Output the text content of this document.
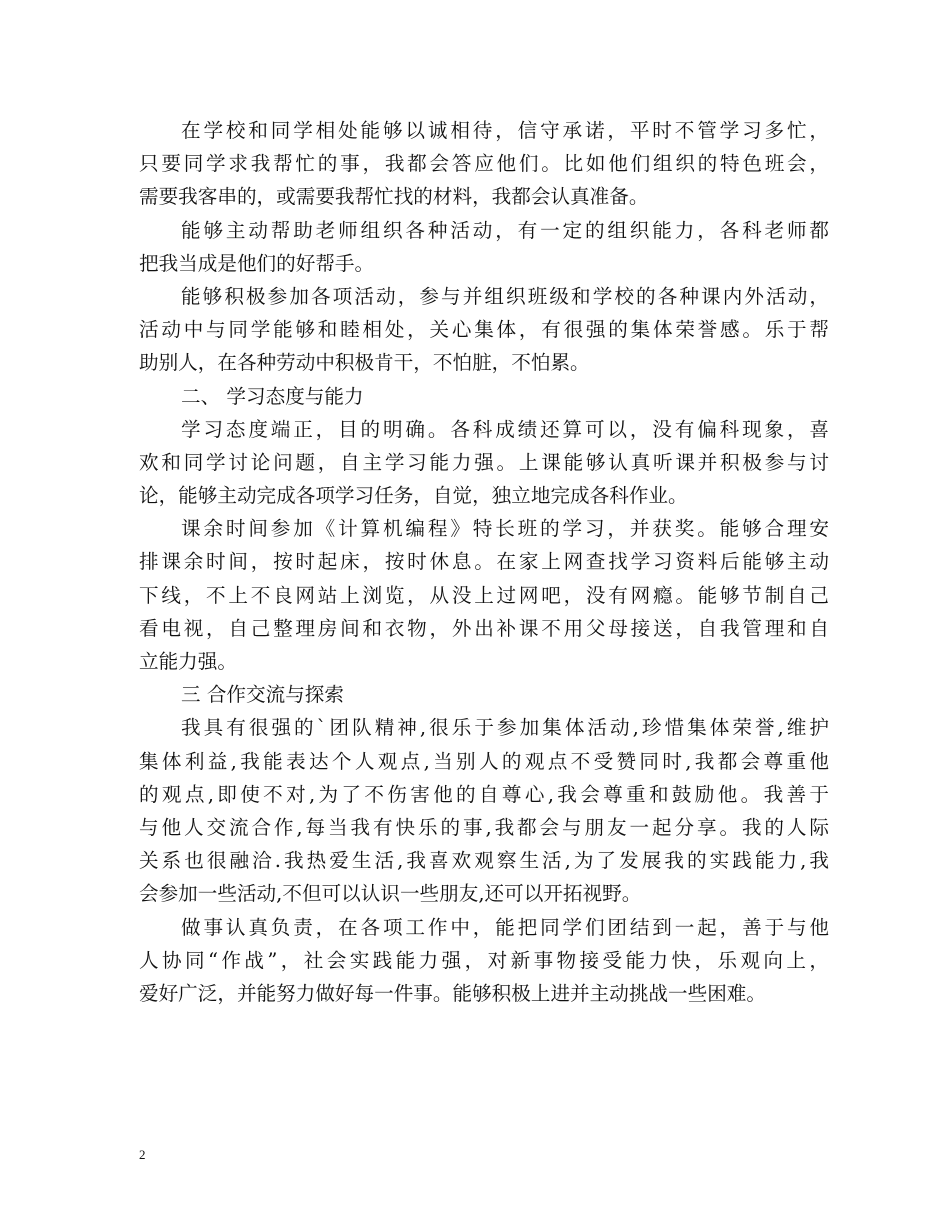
在学校和同学相处能够以诚相待，信守承诺，平时不管学习多忙，
只要同学求我帮忙的事，我都会答应他们。比如他们组织的特色班会，
需要我客串的，或需要我帮忙找的材料，我都会认真准备。
能够主动帮助老师组织各种活动，有一定的组织能力，各科老师都
把我当成是他们的好帮手。
能够积极参加各项活动，参与并组织班级和学校的各种课内外活动，
活动中与同学能够和睦相处，关心集体，有很强的集体荣誉感。乐于帮
助别人，在各种劳动中积极肯干，不怕脏，不怕累。
二、 学习态度与能力
学习态度端正，目的明确。各科成绩还算可以，没有偏科现象，喜
欢和同学讨论问题，自主学习能力强。上课能够认真听课并积极参与讨
论，能够主动完成各项学习任务，自觉，独立地完成各科作业。
课余时间参加《计算机编程》特长班的学习，并获奖。能够合理安
排课余时间，按时起床，按时休息。在家上网查找学习资料后能够主动
下线，不上不良网站上浏览，从没上过网吧，没有网瘾。能够节制自己
看电视，自己整理房间和衣物，外出补课不用父母接送，自我管理和自
立能力强。
三 合作交流与探索
我具有很强的`团队精神,很乐于参加集体活动,珍惜集体荣誉,维护
集体利益,我能表达个人观点,当别人的观点不受赞同时,我都会尊重他
的观点,即使不对,为了不伤害他的自尊心,我会尊重和鼓励他。我善于
与他人交流合作,每当我有快乐的事,我都会与朋友一起分享。我的人际
关系也很融洽.我热爱生活,我喜欢观察生活,为了发展我的实践能力,我
会参加一些活动,不但可以认识一些朋友,还可以开拓视野。
做事认真负责，在各项工作中，能把同学们团结到一起，善于与他
人协同“作战”，社会实践能力强，对新事物接受能力快，乐观向上，
爱好广泛，并能努力做好每一件事。能够积极上进并主动挑战一些困难。
2
